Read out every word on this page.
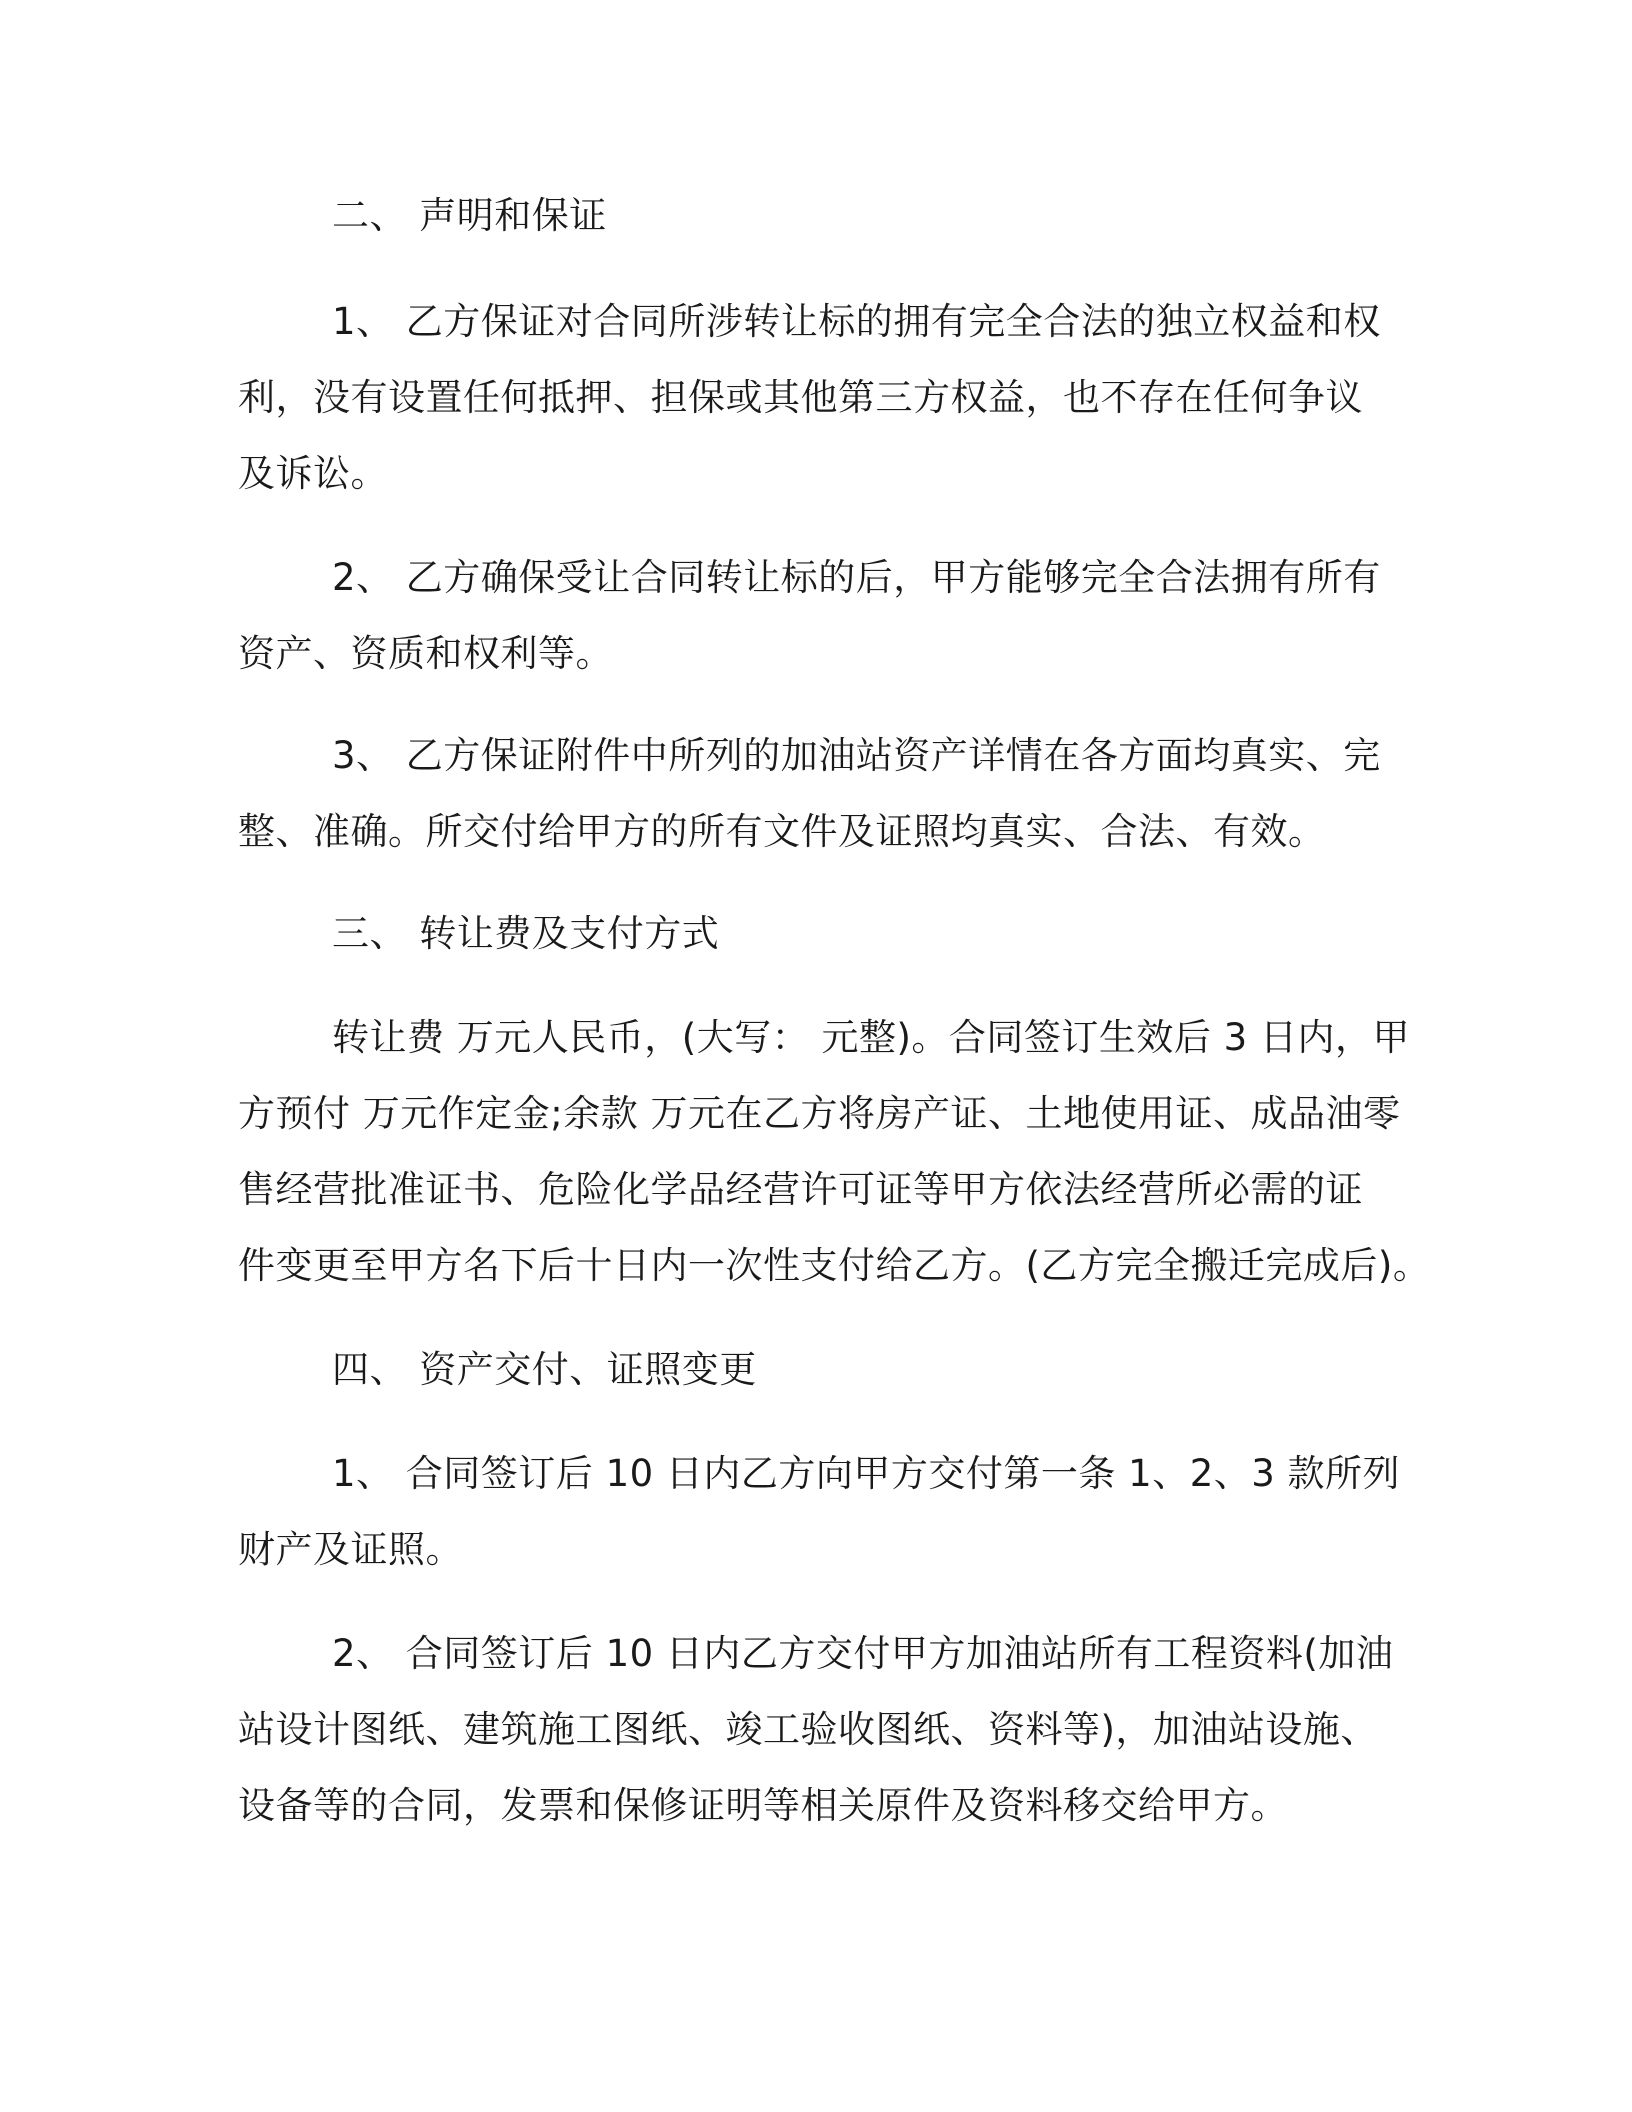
二、 声明和保证
1、 乙方保证对合同所涉转让标的拥有完全合法的独立权益和权
利，没有设置任何抵押、担保或其他第三方权益，也不存在任何争议
及诉讼。
2、 乙方确保受让合同转让标的后，甲方能够完全合法拥有所有
资产、资质和权利等。
3、 乙方保证附件中所列的加油站资产详情在各方面均真实、完
整、准确。所交付给甲方的所有文件及证照均真实、合法、有效。
三、 转让费及支付方式
转让费 万元人民币，(大写： 元整)。合同签订生效后 3 日内，甲
方预付 万元作定金;余款 万元在乙方将房产证、土地使用证、成品油零
售经营批准证书、危险化学品经营许可证等甲方依法经营所必需的证
件变更至甲方名下后十日内一次性支付给乙方。(乙方完全搬迁完成后)。
四、 资产交付、证照变更
1、 合同签订后 10 日内乙方向甲方交付第一条 1、2、3 款所列
财产及证照。
2、 合同签订后 10 日内乙方交付甲方加油站所有工程资料(加油
站设计图纸、建筑施工图纸、竣工验收图纸、资料等)，加油站设施、
设备等的合同，发票和保修证明等相关原件及资料移交给甲方。
